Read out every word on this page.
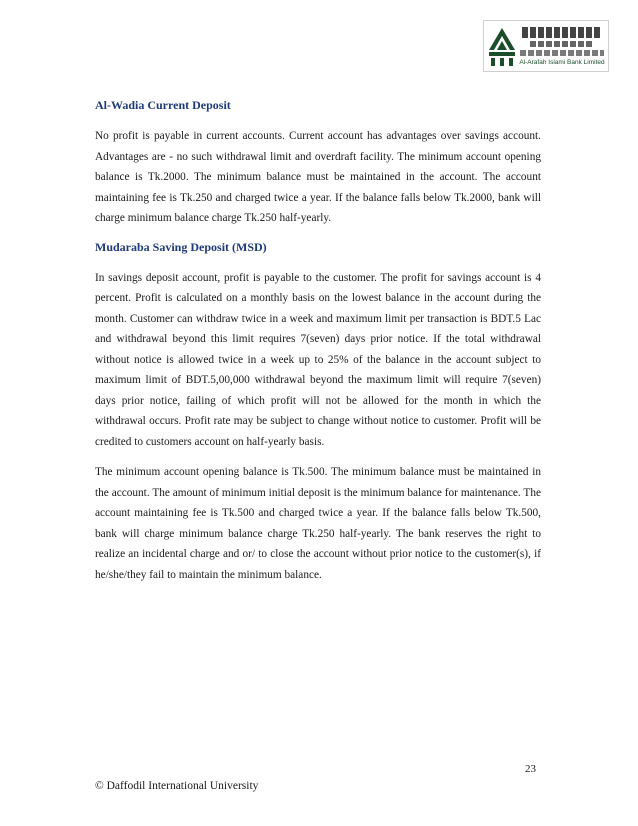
Al-Arafah Islami Bank Limited
Al-Wadia Current Deposit

No profit is payable in current accounts. Current account has advantages over savings account. Advantages are - no such withdrawal limit and overdraft facility. The minimum account opening balance is Tk.2000. The minimum balance must be maintained in the account. The account maintaining fee is Tk.250 and charged twice a year. If the balance falls below Tk.2000, bank will charge minimum balance charge Tk.250 half-yearly.

Mudaraba Saving Deposit (MSD)

In savings deposit account, profit is payable to the customer. The profit for savings account is 4 percent. Profit is calculated on a monthly basis on the lowest balance in the account during the month. Customer can withdraw twice in a week and maximum limit per transaction is BDT.5 Lac and withdrawal beyond this limit requires 7(seven) days prior notice. If the total withdrawal without notice is allowed twice in a week up to 25% of the balance in the account subject to maximum limit of BDT.5,00,000 withdrawal beyond the maximum limit will require 7(seven) days prior notice, failing of which profit will not be allowed for the month in which the withdrawal occurs. Profit rate may be subject to change without notice to customer. Profit will be credited to customers account on half-yearly basis.

The minimum account opening balance is Tk.500. The minimum balance must be maintained in the account. The amount of minimum initial deposit is the minimum balance for maintenance. The account maintaining fee is Tk.500 and charged twice a year. If the balance falls below Tk.500, bank will charge minimum balance charge Tk.250 half-yearly. The bank reserves the right to realize an incidental charge and or/ to close the account without prior notice to the customer(s), if he/she/they fail to maintain the minimum balance.

23
© Daffodil International University
